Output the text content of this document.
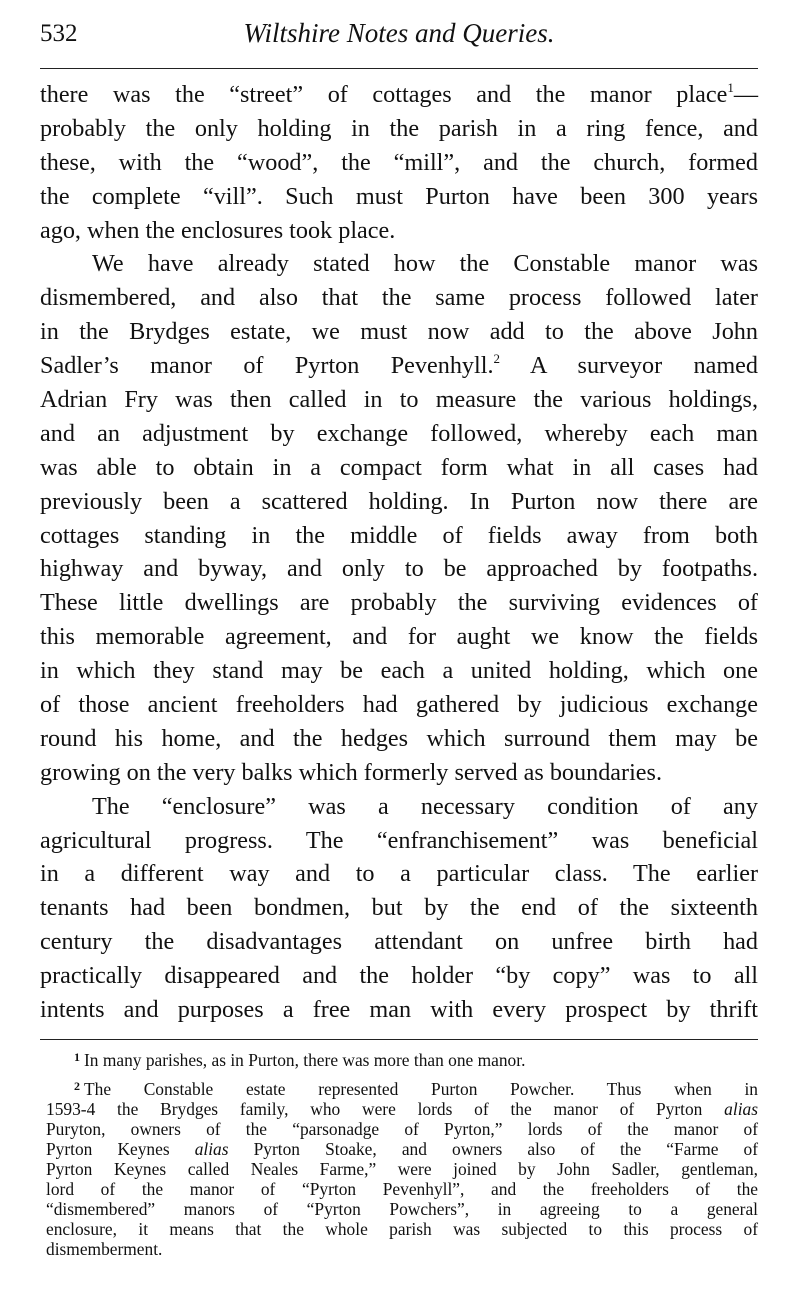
532	Wiltshire Notes and Queries.
there was the “street” of cottages and the manor place$^1$—
probably the only holding in the parish in a ring fence, and
these, with the “wood”, the “mill”, and the church, formed
the complete “vill”. Such must Purton have been 300 years
ago, when the enclosures took place.
We have already stated how the Constable manor was
dismembered, and also that the same process followed later
in the Brydges estate, we must now add to the above John
Sadler’s manor of Pyrton Pevenhyll.$^2$ A surveyor named
Adrian Fry was then called in to measure the various holdings,
and an adjustment by exchange followed, whereby each man
was able to obtain in a compact form what in all cases had
previously been a scattered holding. In Purton now there are
cottages standing in the middle of fields away from both
highway and byway, and only to be approached by footpaths.
These little dwellings are probably the surviving evidences of
this memorable agreement, and for aught we know the fields
in which they stand may be each a united holding, which one
of those ancient freeholders had gathered by judicious exchange
round his home, and the hedges which surround them may be
growing on the very balks which formerly served as boundaries.
The “enclosure” was a necessary condition of any
agricultural progress. The “enfranchisement” was beneficial
in a different way and to a particular class. The earlier
tenants had been bondmen, but by the end of the sixteenth
century the disadvantages attendant on unfree birth had
practically disappeared and the holder “by copy” was to all
intents and purposes a free man with every prospect by thrift
$^1$ In many parishes, as in Purton, there was more than one manor.
$^2$ The Constable estate represented Purton Powcher. Thus when in
1593-4 the Brydges family, who were lords of the manor of Pyrton alias
Puryton, owners of the “parsonadge of Pyrton,” lords of the manor of
Pyrton Keynes alias Pyrton Stoake, and owners also of the “Farme of
Pyrton Keynes called Neales Farme,” were joined by John Sadler, gentleman,
lord of the manor of “Pyrton Pevenhyll”, and the freeholders of the
“dismembered” manors of “Pyrton Powchers”, in agreeing to a general
enclosure, it means that the whole parish was subjected to this process of
dismemberment.
